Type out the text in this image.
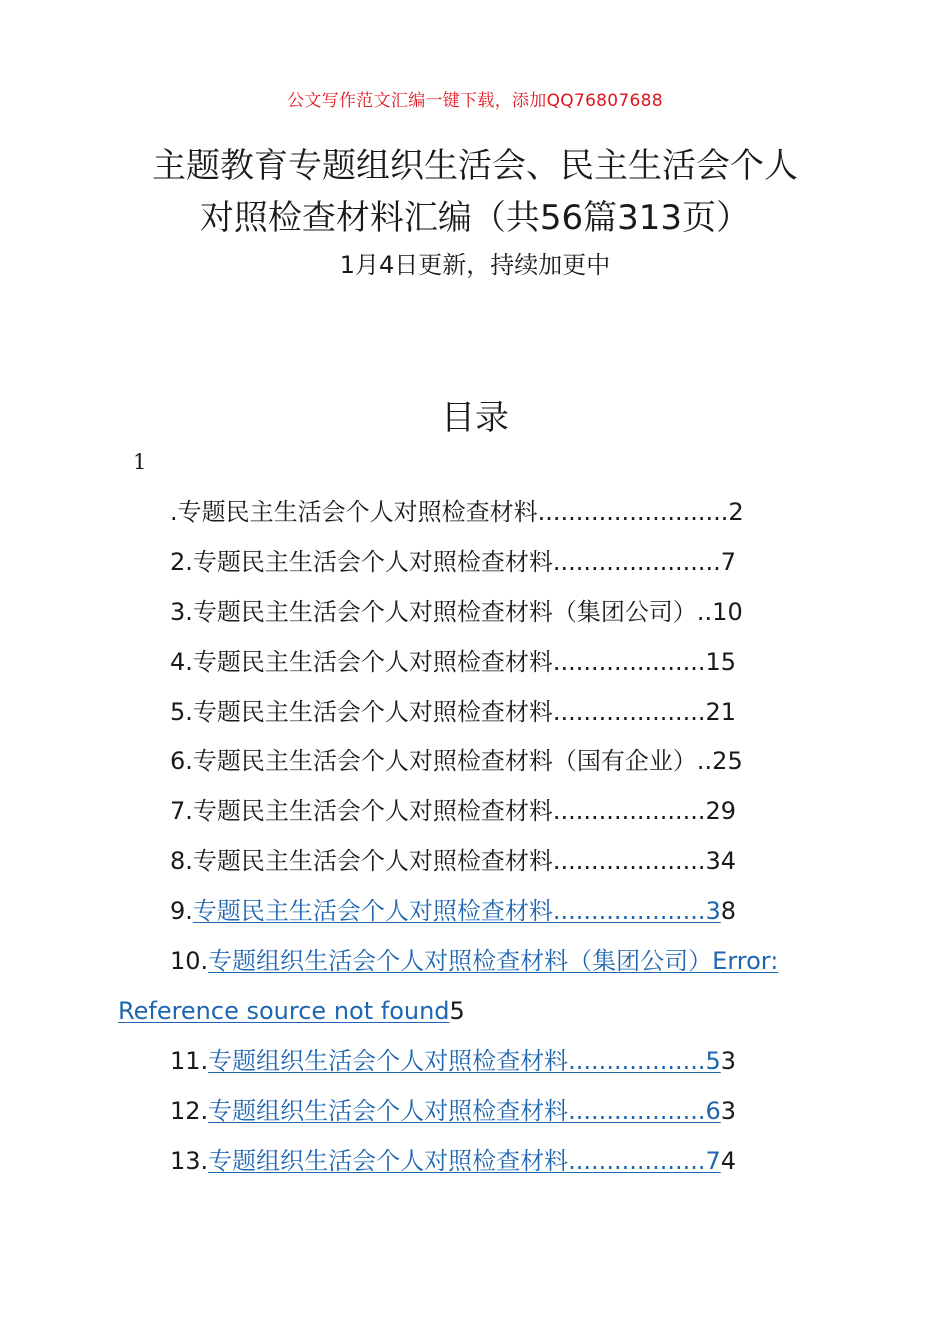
公文写作范文汇编一键下载，添加QQ76807688
主题教育专题组织生活会、民主生活会个人
对照检查材料汇编（共56篇313页）
1月4日更新，持续加更中
目录
1
.专题民主生活会个人对照检查材料.........................2
2.专题民主生活会个人对照检查材料......................7
3.专题民主生活会个人对照检查材料（集团公司）..10
4.专题民主生活会个人对照检查材料....................15
5.专题民主生活会个人对照检查材料....................21
6.专题民主生活会个人对照检查材料（国有企业）..25
7.专题民主生活会个人对照检查材料....................29
8.专题民主生活会个人对照检查材料....................34
9.专题民主生活会个人对照检查材料....................38
10.专题组织生活会个人对照检查材料（集团公司）Error:
Reference source not found5
11.专题组织生活会个人对照检查材料..................53
12.专题组织生活会个人对照检查材料..................63
13.专题组织生活会个人对照检查材料..................74
